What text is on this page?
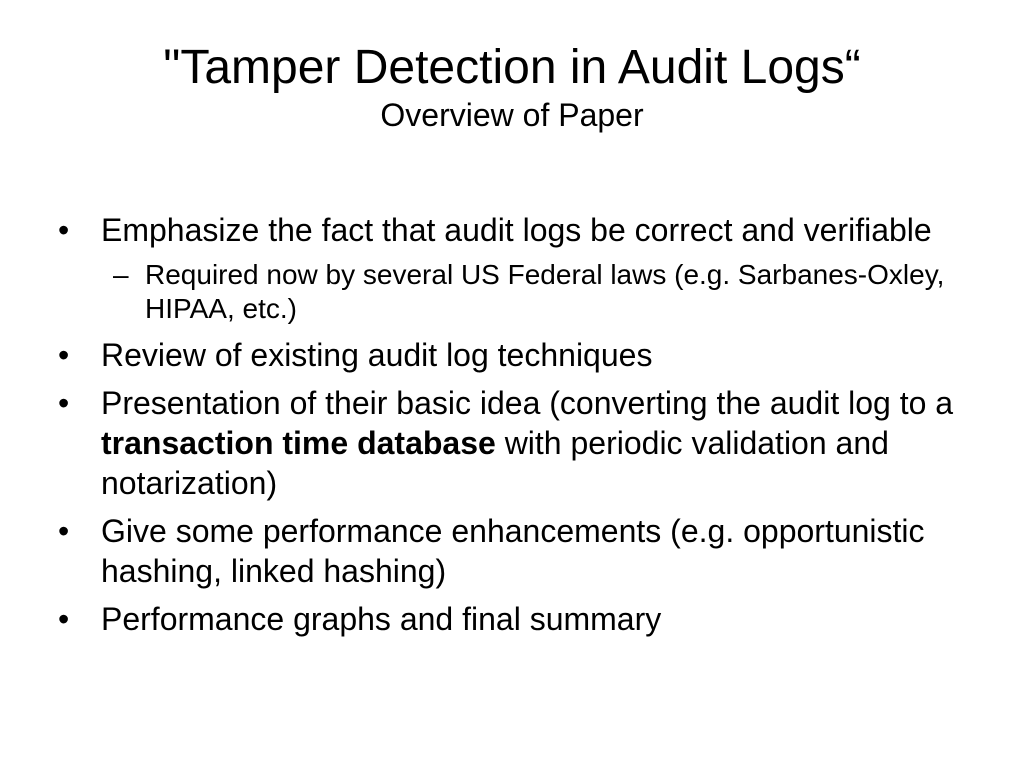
"Tamper Detection in Audit Logs“
Overview of Paper
• Emphasize the fact that audit logs be correct and verifiable
– Required now by several US Federal laws (e.g. Sarbanes-Oxley, HIPAA, etc.)
• Review of existing audit log techniques
• Presentation of their basic idea (converting the audit log to a transaction time database with periodic validation and notarization)
• Give some performance enhancements (e.g. opportunistic hashing, linked hashing)
• Performance graphs and final summary
